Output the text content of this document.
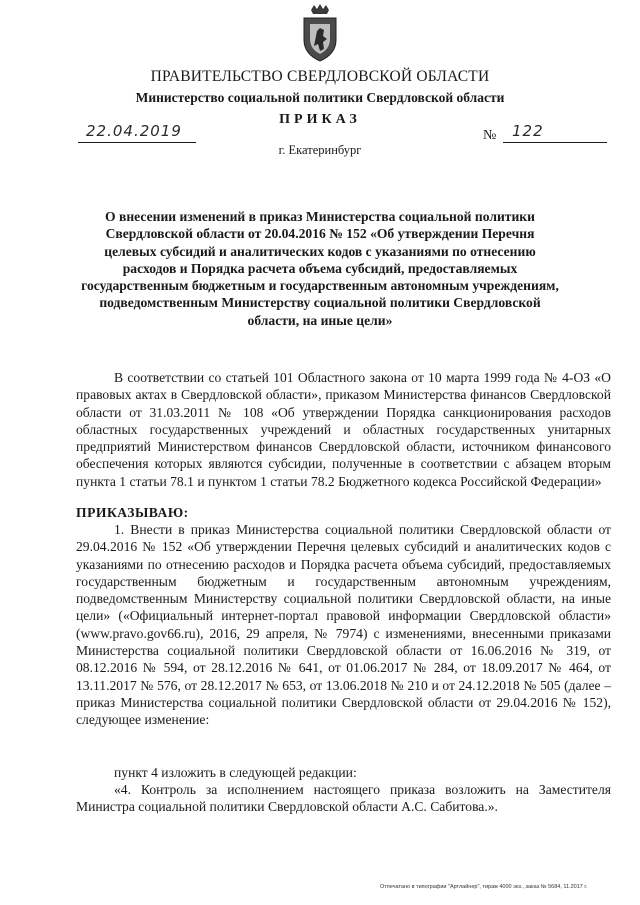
ПРАВИТЕЛЬСТВО СВЕРДЛОВСКОЙ ОБЛАСТИ
Министерство социальной политики Свердловской области
ПРИКАЗ
22.04.2019	№ 122
г. Екатеринбург
О внесении изменений в приказ Министерства социальной политики Свердловской области от 20.04.2016 № 152 «Об утверждении Перечня целевых субсидий и аналитических кодов с указаниями по отнесению расходов и Порядка расчета объема субсидий, предоставляемых государственным бюджетным и государственным автономным учреждениям, подведомственным Министерству социальной политики Свердловской области, на иные цели»
В соответствии со статьей 101 Областного закона от 10 марта 1999 года № 4-ОЗ «О правовых актах в Свердловской области», приказом Министерства финансов Свердловской области от 31.03.2011 № 108 «Об утверждении Порядка санкционирования расходов областных государственных учреждений и областных государственных унитарных предприятий Министерством финансов Свердловской области, источником финансового обеспечения которых являются субсидии, полученные в соответствии с абзацем вторым пункта 1 статьи 78.1 и пунктом 1 статьи 78.2 Бюджетного кодекса Российской Федерации»
ПРИКАЗЫВАЮ:
1. Внести в приказ Министерства социальной политики Свердловской области от 29.04.2016 № 152 «Об утверждении Перечня целевых субсидий и аналитических кодов с указаниями по отнесению расходов и Порядка расчета объема субсидий, предоставляемых государственным бюджетным и государственным автономным учреждениям, подведомственным Министерству социальной политики Свердловской области, на иные цели» («Официальный интернет-портал правовой информации Свердловской области» (www.pravo.gov66.ru), 2016, 29 апреля, № 7974) с изменениями, внесенными приказами Министерства социальной политики Свердловской области от 16.06.2016 № 319, от 08.12.2016 № 594, от 28.12.2016 № 641, от 01.06.2017 № 284, от 18.09.2017 № 464, от 13.11.2017 № 576, от 28.12.2017 № 653, от 13.06.2018 № 210 и от 24.12.2018 № 505 (далее – приказ Министерства социальной политики Свердловской области от 29.04.2016 № 152), следующее изменение:
пункт 4 изложить в следующей редакции:
«4. Контроль за исполнением настоящего приказа возложить на Заместителя Министра социальной политики Свердловской области А.С. Сабитова.».
Отпечатано в типографии "Артлайнер", тираж 4000 экз., заказ № 5684, 11.2017 г.
